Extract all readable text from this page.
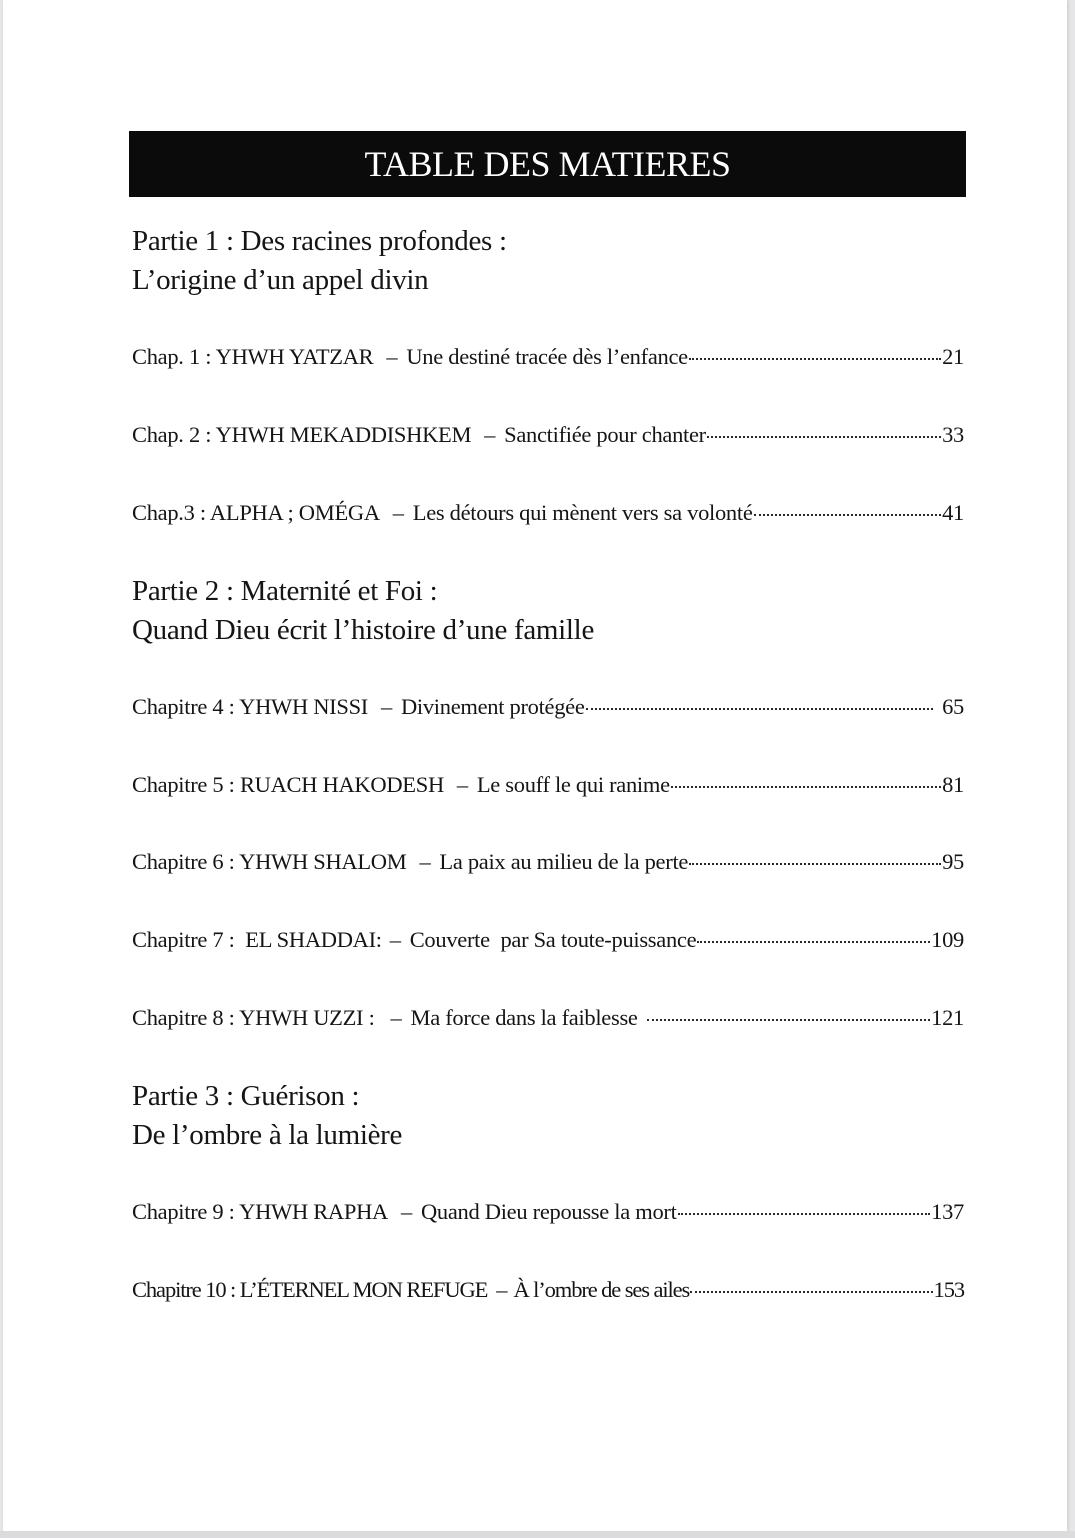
TABLE DES MATIERES
Partie 1 : Des racines profondes :
L’origine d’un appel divin
Chap. 1 : YHWH YATZAR – Une destiné tracée dès l’enfance	21
Chap. 2 : YHWH MEKADDISHKEM – Sanctifiée pour chanter	33
Chap.3 : ALPHA ; OMÉGA – Les détours qui mènent vers sa volonté	41
Partie 2 : Maternité et Foi :
Quand Dieu écrit l’histoire d’une famille
Chapitre 4 : YHWH NISSI – Divinement protégée	65
Chapitre 5 : RUACH HAKODESH – Le souff le qui ranime	81
Chapitre 6 : YHWH SHALOM – La paix au milieu de la perte	95
Chapitre 7 :  EL SHADDAI: – Couverte  par Sa toute-puissance	109
Chapitre 8 : YHWH UZZI : – Ma force dans la faiblesse	121
Partie 3 : Guérison :
De l’ombre à la lumière
Chapitre 9 : YHWH RAPHA – Quand Dieu repousse la mort	137
Chapitre 10 : L’ÉTERNEL MON REFUGE – À l’ombre de ses ailes	153
